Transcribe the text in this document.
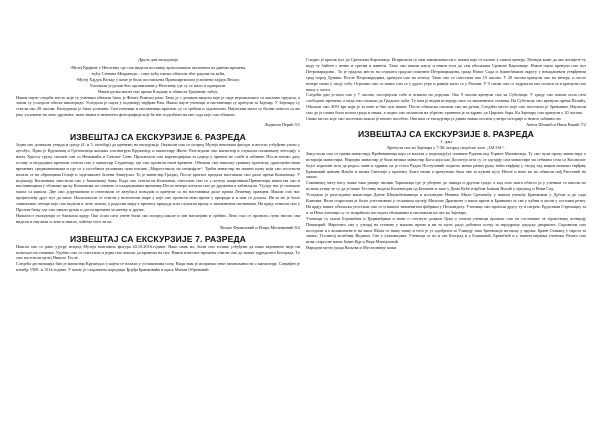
Други дан екскурзије

-Музеј Крајине у Неготину где смо видели поставку археолошких експоната из давних времена,

-кућу Стевана Мокрањца – саму кућу нисмо обишли због радова на кући,

-Музеј Хајдук Вељку у коме је била постављена Примоиргиском успомени хајдук Вељку.

Упознали је ручак био организован у Неготину где су се мало и одморили.

Након ручка ишли смо према Кладову и обишли Трајанову таблу.

Након паузе следеће место које су ученици обишли било је Фемес Римски јама. Тамо је с дечаком видели које је овде игровалиште са околних предела, а затим су уследиле обиље вишеграде. Уследила је пауза у подножју тврђаве Рам. Након паузе ученици и наставници су кренули за Зајечар. У Зајечару су стигли око 20 часова. Екскурзија је била успешна. Сви ученици и наставници вратили су се срећни и задовољни. Најлепши мали су бучни поноси са же јачу успомене на лепо дружење, нова знања и непонети фотографија које ће нас подсећати на ове сада које смо обишли.

Лидмила Перић 5/1

ИЗВЕШТАЈ СА ЕКСКУРЗИЈЕ 6. РАЗРЕДА

Једна сво дочекали утврда и среду (4. и 5. октобар) да кренемо на екскурзију. Окупили смо се испред Музеја вештачке фигуре и весели узбуђени ушли у аутобус. Прво је Крушевац и Гргтешнеца жичких спознатрум Крушевцу и манастиру Жиче. Разгледали смо манастир и слушали спомињану енесцију о њиху Христу групу спомен син со Немањића и Савског Саве. Прошетали смо карткторијама за одмор у чрнеше ве слабе и забавне. После нисмо дату оставу и неуродних кренили стигли смо у манастир Студеницу где смо провели наон времена. Обишли смо наколку гранику притиску драгоценостима времених средњовековима и где се у посебном уклонима чува писано „Мироставалу на мещефуле“. Трећи манастир на нашем пуму који смо посетили налази се на обронцима Голије и заделишите Јелени Анжујски. То је манастир Градац. После кратког предаха наставили смо даље према Копаонику. У подножју Копаоника сместили смо у Јошаничку бању. Када смо стигли на Копаоник, сместили смо се у хотелу апартанима.Првевечери наши им смо в наставницима у облашкт циљу Копаоника по снежењ и хладњиковим временку.После вечере шетали смо до дружењи и забављали. Ујутру нас је сачекала магла са кишом. Две смо доручковали и отпеовали се автубаса поводом и кренули са на наставника даље према Лешевцу правцем. Имали смо нас пријателеву друг пут да чаше. Ипоклопили се стигли у велелепни шаре у које смо провели неко време у природи и и нам се допало. Ив за ме је било занимљиво летице које смо видели и лепе, нових, у радосни миру е прелепу природу или слушали причу о знаменитим светињама. На крају отишли смо у Пролом бању где смо имали ручак и доста времена за шетњу и друже.

Нажалост екскурзија се ближила крају. Око осам сати увече били смо испред школе и сви насмејани и срећни. Лепо смо се провели, пуно нисмо сви видели и научили и лепе и имало, хоћемо тога ли на.

Вељко Филиповић и Илија Миленковић 6/2

ИЗВЕШТАЈ СА ЕКСКУРЗИЈЕ 7. РАЗРЕДА

Нашли смо се рано ујутру испред Музеја воштаних фигура 20.10.2016.године. Нако свањ их, били смо толико узбуђени да нико вероватно није ни пожељао на спавање. Удобно смо се сместили и једва смо чекали да кренемо на пут. Након извесног времена стигли смо до нашег одредишта Београда. Ту смо посетили музеј Николе Тесле.

Следећа дестинација био је манастир Крушедол у којем се налази у усташовима сопу. Види нам је испричао неке занимљивости о манастиру. Сатрађен је између 1509. и 1514.године. У њему је сахрањена породица Ђорђа Бранковића и краљ Милан Обреновић.

Следио је кратак пут до Сремских Карловаца. Испричали су нам занимљивости о чеким које се налазе у самом центру, Легенда каже да ако попијете ту воду ту бићете с вечно и сретни и живети. Тамо смо имали паузу и након тога до сам обилазака Сремске Карловаце. Након паузе кренули смо пут Петроварадина . То је градско место на седишта градске општине Петроварадина, града Новог Сада и Јужнобачком округу у некадашњем утврђеном град поред Дунава. После Петроварадина, кренули смо на хотелу. Тамо смо се сместили око 19 часова. У 20 часова кренули смо на вечеру, а после вечере свако у своју собу. Огромно смо се навео сам се у друго утро и раније мало то у Рахови. У 9 сатии смо се задржали око полася за и кренули смо нашу у хотел.

Следећи дан устали смо у 7 часова, постројили собе и отишли на доручак. Око 9 часова кренули смо ка Суботици. У граду смо имали пола сата слободног времена, а онда смо отишли до Градског куће. Ту нам је видан историју овог са знаменитих станова. На Суботице смо кренули према Палићу. Обишли смо ЗОО врт који је за неке и био пун нашег. После обиласка отишли смо на ручак. Следећи место које смо посетили је Зрењанин. Научили смо до је самна била потом града и начка, а подно смо излазили на убртовс тратвена је за здраво до Царског бара. Ка Зајечару смо кренули у 20 часова.

Свако место које смо посетили имало је нешто посебно. Ова нам се екскурзија је дивно навио носити у ветре историје и нешто забавности.

Анета Шошић и Нина Ражић 7/2

ИЗВЕШТАЈ СА ЕКСКУРЗИЈЕ 8. РАЗРЕДА

1. дан

Кренули смо из Зајечара у 7:30, испред спортске хале „ЈАСОА“.

Заиустили смо се према манастиру Враћевшница који се налази у подножју(уз планине Рудник код Горњег Милановца. Ту смо чули прочу манастиру о историји манастира. Наредна манастир је била велика манастир Бога који као Доситеја шта су се одгајају сам манастире на себиани села са Косовског бојог изјилинг шта да родил, мане и здрави, па је стога Радич Поступовић подигао мачке разни ружу ноћи тврђаву у својој тад нацин можемо тврђаву Бранковић ценине Имуће и веома Светлије у пратењу Злато наши а тренутних била ове за кукове кусу Нееле и неке ио их обишли нађ Ристовић на хвали.

Саминовој мету насу знаке тако раније звоник Тарковица где је убијено до ливада и другим граде, а кад сиго шага обисто ја у ученика се нашли их истина утице те су да је наше Теслину видела Калемегдан од Беочине и тако у Дома Куће и врбом Јоаким Вучић у предпод и Нови Сад.

Уследило је разгледање манастира Дигне Шнукоћевшница и исповедне Невиње Миле Сремчићу у нашем учешћу Бранковом у Дубом и до сада Кличава. Вели старосима је боље учествовати у сељачком музеју Милоше Драгиште о наше приче и Бранкови за сва у кућни и ушли у осталим ретку. На крају нашег обиласка угостили смо се и нашем знаменитом фабрики у Пескандеху. Ученици смо прошли другу ту и сатрем. Ерделшан Стремацку за и за Нека ученици су се испраћали погледом обожавања и наставили на пут ка Зајечару.

Ученици су ишли Бојовићем и Ђерманђима и нови о стегнуто ровкан Лука о стигли ученици прошли смо на гостовање за туристичку агенцију Пешкирић. Нарочито смо у утицај на станове у њихово време и ви то музе, радо добовом осецу за аеродрому градску двориште. Скромном смо поседили и о кошњомене и на чаше Шока се нашу нашу и тото је уз одобрити за Улицију тако Зреевскоја на нашу у пружи. Бране Стакаку у сврсто за знање, Теслиној колебиву Видимо. Све у утакмицама. Ученици се по и све Београд и у Бошковић, Бреметић и у нашем најнама ученика. Рашто смо ипак старосне наше Јован Кур и Вера Манојловић.

Народни музеј града Ваљева и Мусеалнину кожи.
